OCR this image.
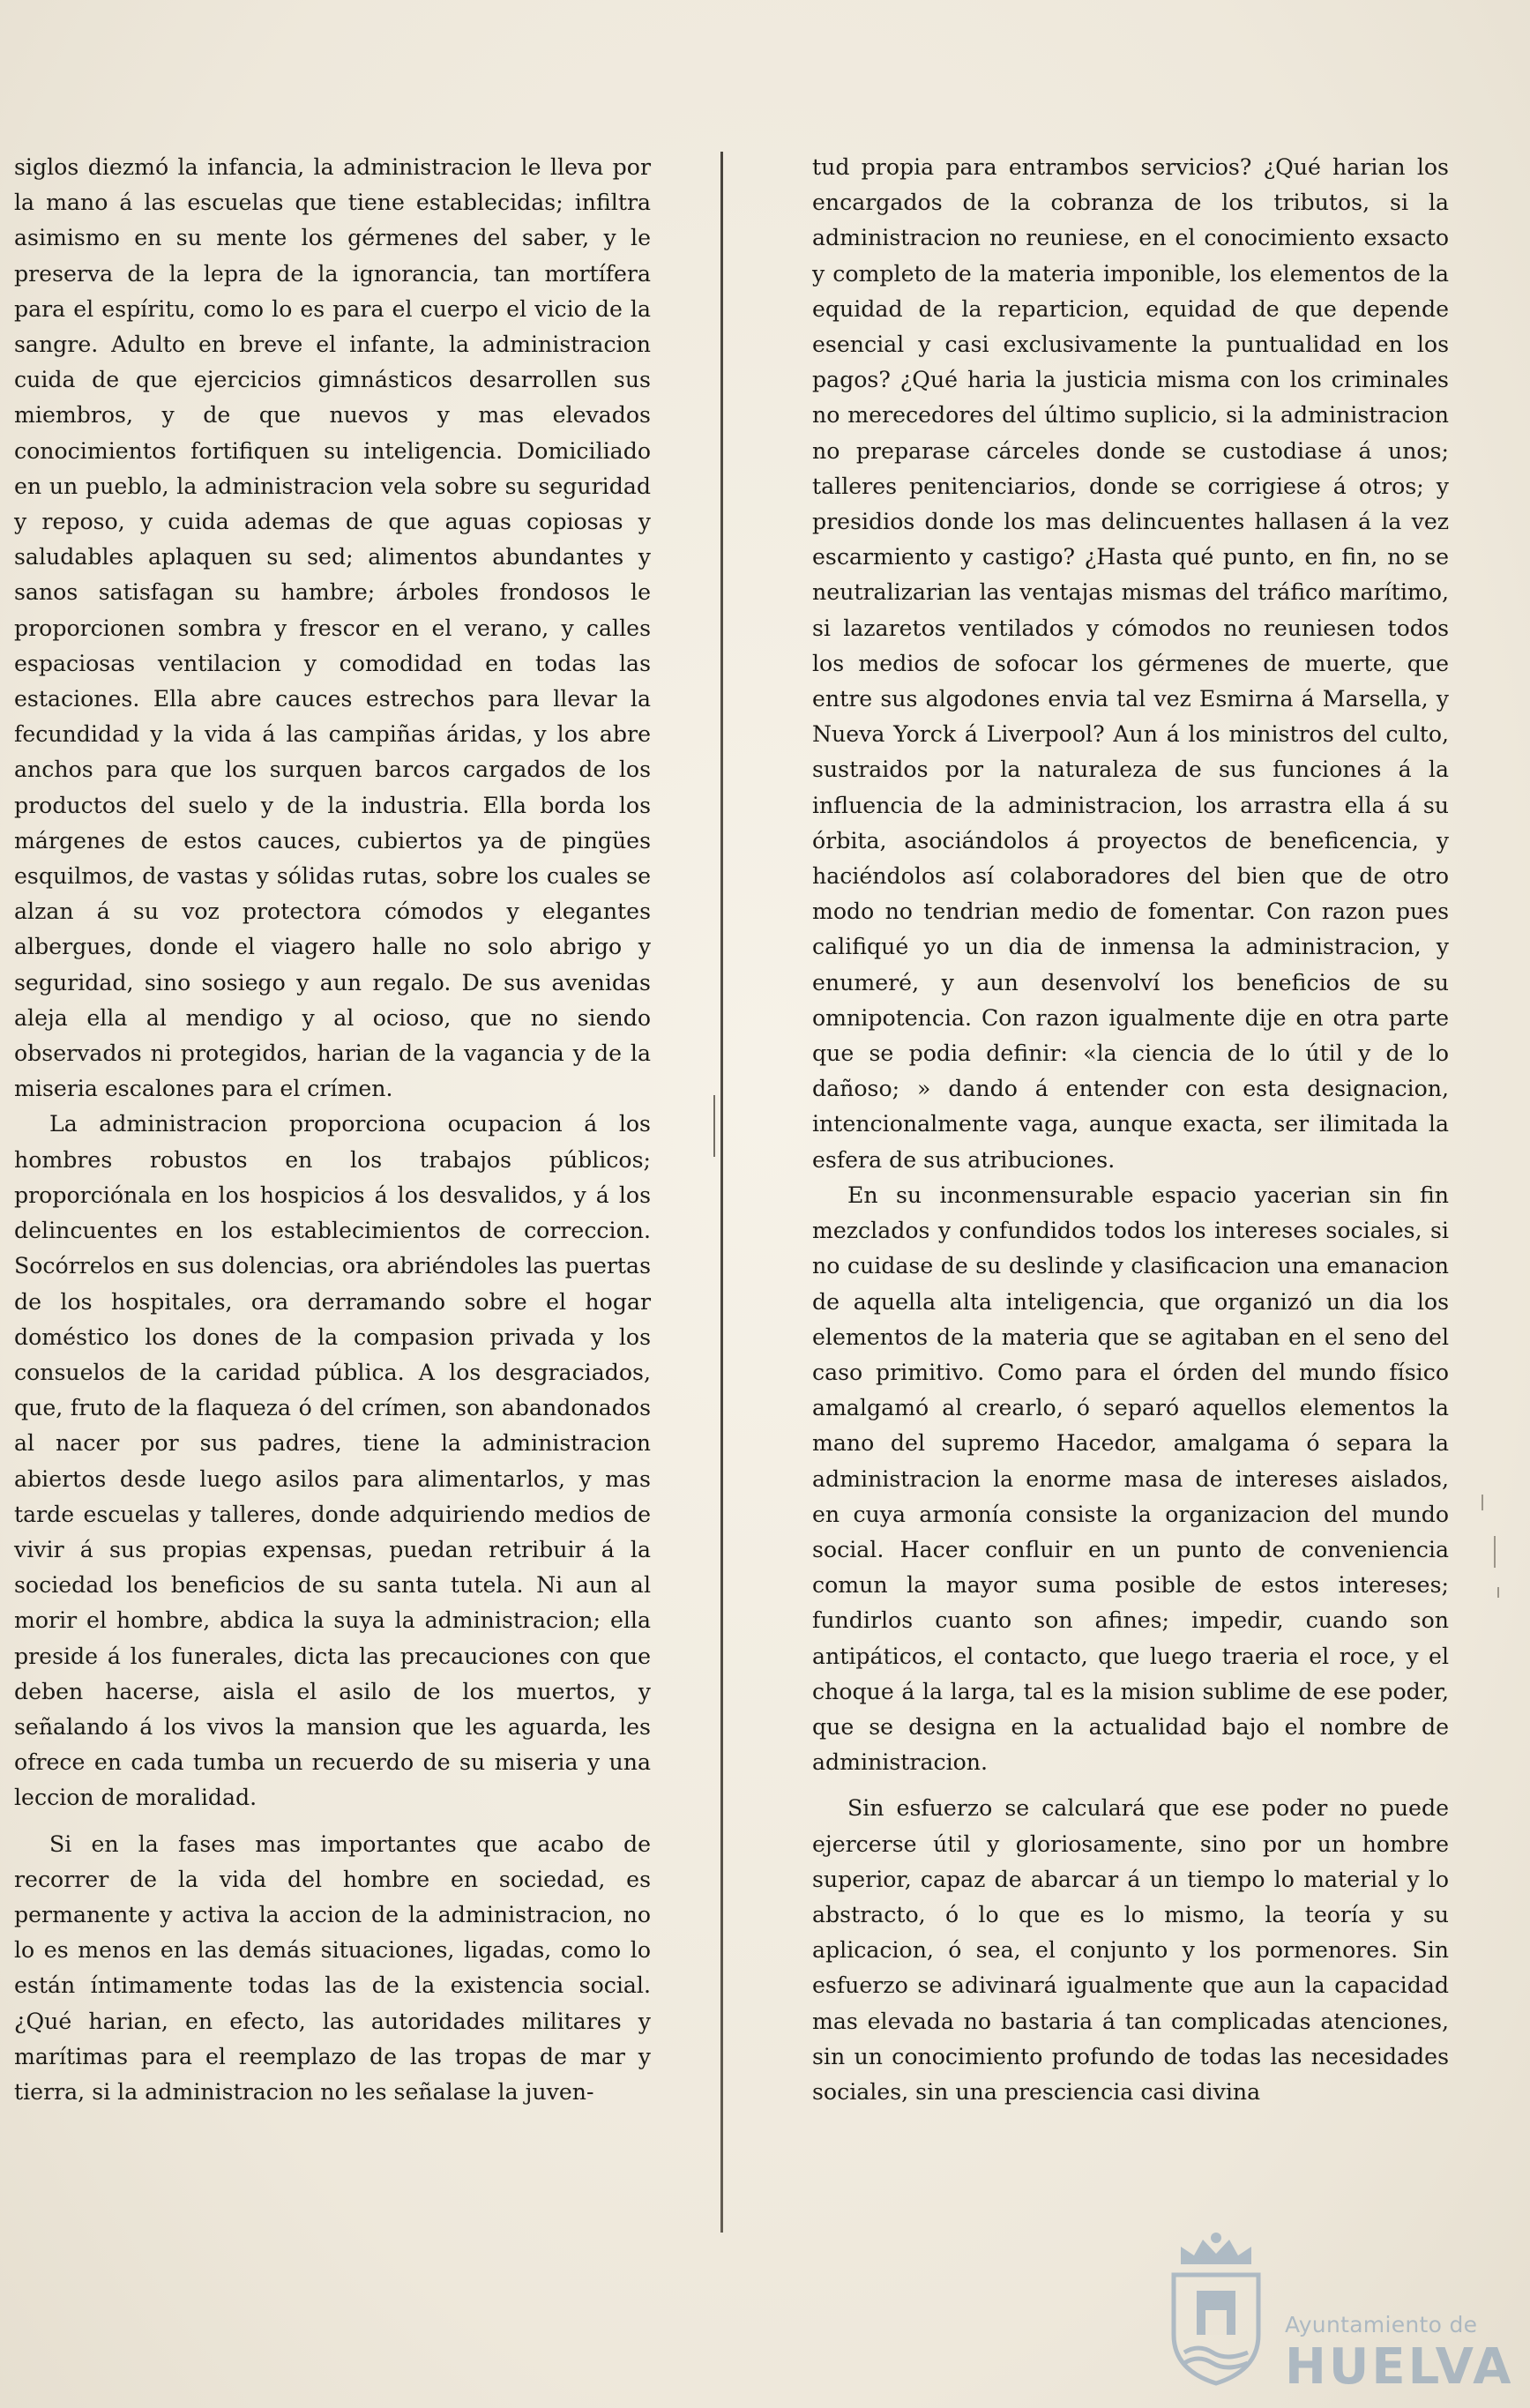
siglos diezmó la infancia, la administracion le lleva por la mano á las escuelas que tiene establecidas; infiltra asimismo en su mente los gérmenes del saber, y le preserva de la lepra de la ignorancia, tan mortífera para el espíritu, como lo es para el cuerpo el vicio de la sangre. Adulto en breve el infante, la administracion cuida de que ejercicios gimnásticos desarrollen sus miembros, y de que nuevos y mas elevados conocimientos fortifiquen su inteligencia. Domiciliado en un pueblo, la administracion vela sobre su seguridad y reposo, y cuida ademas de que aguas copiosas y saludables aplaquen su sed; alimentos abundantes y sanos satisfagan su hambre; árboles frondosos le proporcionen sombra y frescor en el verano, y calles espaciosas ventilacion y comodidad en todas las estaciones. Ella abre cauces estrechos para llevar la fecundidad y la vida á las campiñas áridas, y los abre anchos para que los surquen barcos cargados de los productos del suelo y de la industria. Ella borda los márgenes de estos cauces, cubiertos ya de pingües esquilmos, de vastas y sólidas rutas, sobre los cuales se alzan á su voz protectora cómodos y elegantes albergues, donde el viagero halle no solo abrigo y seguridad, sino sosiego y aun regalo. De sus avenidas aleja ella al mendigo y al ocioso, que no siendo observados ni protegidos, harian de la vagancia y de la miseria escalones para el crímen.

La administracion proporciona ocupacion á los hombres robustos en los trabajos públicos; proporciónala en los hospicios á los desvalidos, y á los delincuentes en los establecimientos de correccion. Socórrelos en sus dolencias, ora abriéndoles las puertas de los hospitales, ora derramando sobre el hogar doméstico los dones de la compasion privada y los consuelos de la caridad pública. A los desgraciados, que, fruto de la flaqueza ó del crímen, son abandonados al nacer por sus padres, tiene la administracion abiertos desde luego asilos para alimentarlos, y mas tarde escuelas y talleres, donde adquiriendo medios de vivir á sus propias expensas, puedan retribuir á la sociedad los beneficios de su santa tutela. Ni aun al morir el hombre, abdica la suya la administracion; ella preside á los funerales, dicta las precauciones con que deben hacerse, aisla el asilo de los muertos, y señalando á los vivos la mansion que les aguarda, les ofrece en cada tumba un recuerdo de su miseria y una leccion de moralidad.

Si en la fases mas importantes que acabo de recorrer de la vida del hombre en sociedad, es permanente y activa la accion de la administracion, no lo es menos en las demás situaciones, ligadas, como lo están íntimamente todas las de la existencia social. ¿Qué harian, en efecto, las autoridades militares y marítimas para el reemplazo de las tropas de mar y tierra, si la administracion no les señalase la juven-

tud propia para entrambos servicios? ¿Qué harian los encargados de la cobranza de los tributos, si la administracion no reuniese, en el conocimiento exsacto y completo de la materia imponible, los elementos de la equidad de la reparticion, equidad de que depende esencial y casi exclusivamente la puntualidad en los pagos? ¿Qué haria la justicia misma con los criminales no merecedores del último suplicio, si la administracion no preparase cárceles donde se custodiase á unos; talleres penitenciarios, donde se corrigiese á otros; y presidios donde los mas delincuentes hallasen á la vez escarmiento y castigo? ¿Hasta qué punto, en fin, no se neutralizarian las ventajas mismas del tráfico marítimo, si lazaretos ventilados y cómodos no reuniesen todos los medios de sofocar los gérmenes de muerte, que entre sus algodones envia tal vez Esmirna á Marsella, y Nueva Yorck á Liverpool? Aun á los ministros del culto, sustraidos por la naturaleza de sus funciones á la influencia de la administracion, los arrastra ella á su órbita, asociándolos á proyectos de beneficencia, y haciéndolos así colaboradores del bien que de otro modo no tendrian medio de fomentar. Con razon pues califiqué yo un dia de inmensa la administracion, y enumeré, y aun desenvolví los beneficios de su omnipotencia. Con razon igualmente dije en otra parte que se podia definir: «la ciencia de lo útil y de lo dañoso; » dando á entender con esta designacion, intencionalmente vaga, aunque exacta, ser ilimitada la esfera de sus atribuciones.

En su inconmensurable espacio yacerian sin fin mezclados y confundidos todos los intereses sociales, si no cuidase de su deslinde y clasificacion una emanacion de aquella alta inteligencia, que organizó un dia los elementos de la materia que se agitaban en el seno del caso primitivo. Como para el órden del mundo físico amalgamó al crearlo, ó separó aquellos elementos la mano del supremo Hacedor, amalgama ó separa la administracion la enorme masa de intereses aislados, en cuya armonía consiste la organizacion del mundo social. Hacer confluir en un punto de conveniencia comun la mayor suma posible de estos intereses; fundirlos cuanto son afines; impedir, cuando son antipáticos, el contacto, que luego traeria el roce, y el choque á la larga, tal es la mision sublime de ese poder, que se designa en la actualidad bajo el nombre de administracion.

Sin esfuerzo se calculará que ese poder no puede ejercerse útil y gloriosamente, sino por un hombre superior, capaz de abarcar á un tiempo lo material y lo abstracto, ó lo que es lo mismo, la teoría y su aplicacion, ó sea, el conjunto y los pormenores. Sin esfuerzo se adivinará igualmente que aun la capacidad mas elevada no bastaria á tan complicadas atenciones, sin un conocimiento profundo de todas las necesidades sociales, sin una presciencia casi divina

Ayuntamiento de
HUELVA
